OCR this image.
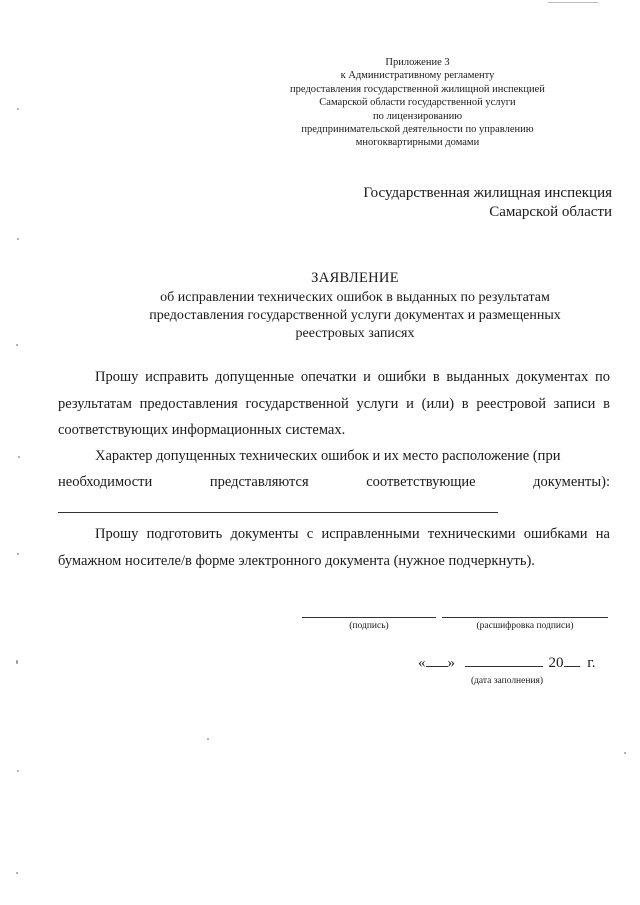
Приложение 3
к Административному регламенту
предоставления государственной жилищной инспекцией
Самарской области государственной услуги
по лицензированию
предпринимательской деятельности по управлению
многоквартирными домами
Государственная жилищная инспекция
Самарской области
ЗАЯВЛЕНИЕ
об исправлении технических ошибок в выданных по результатам
предоставления государственной услуги документах и размещенных
реестровых записях
Прошу исправить допущенные опечатки и ошибки в выданных документах по результатам предоставления государственной услуги и (или) в реестровой записи в соответствующих информационных системах.
Характер допущенных технических ошибок и их место расположение (при
необходимости представляются соответствующие документы):
Прошу подготовить документы с исправленными техническими ошибками на бумажном носителе/в форме электронного документа (нужное подчеркнуть).
(подпись)	(расшифровка подписи)
« »	20 г.
(дата заполнения)
